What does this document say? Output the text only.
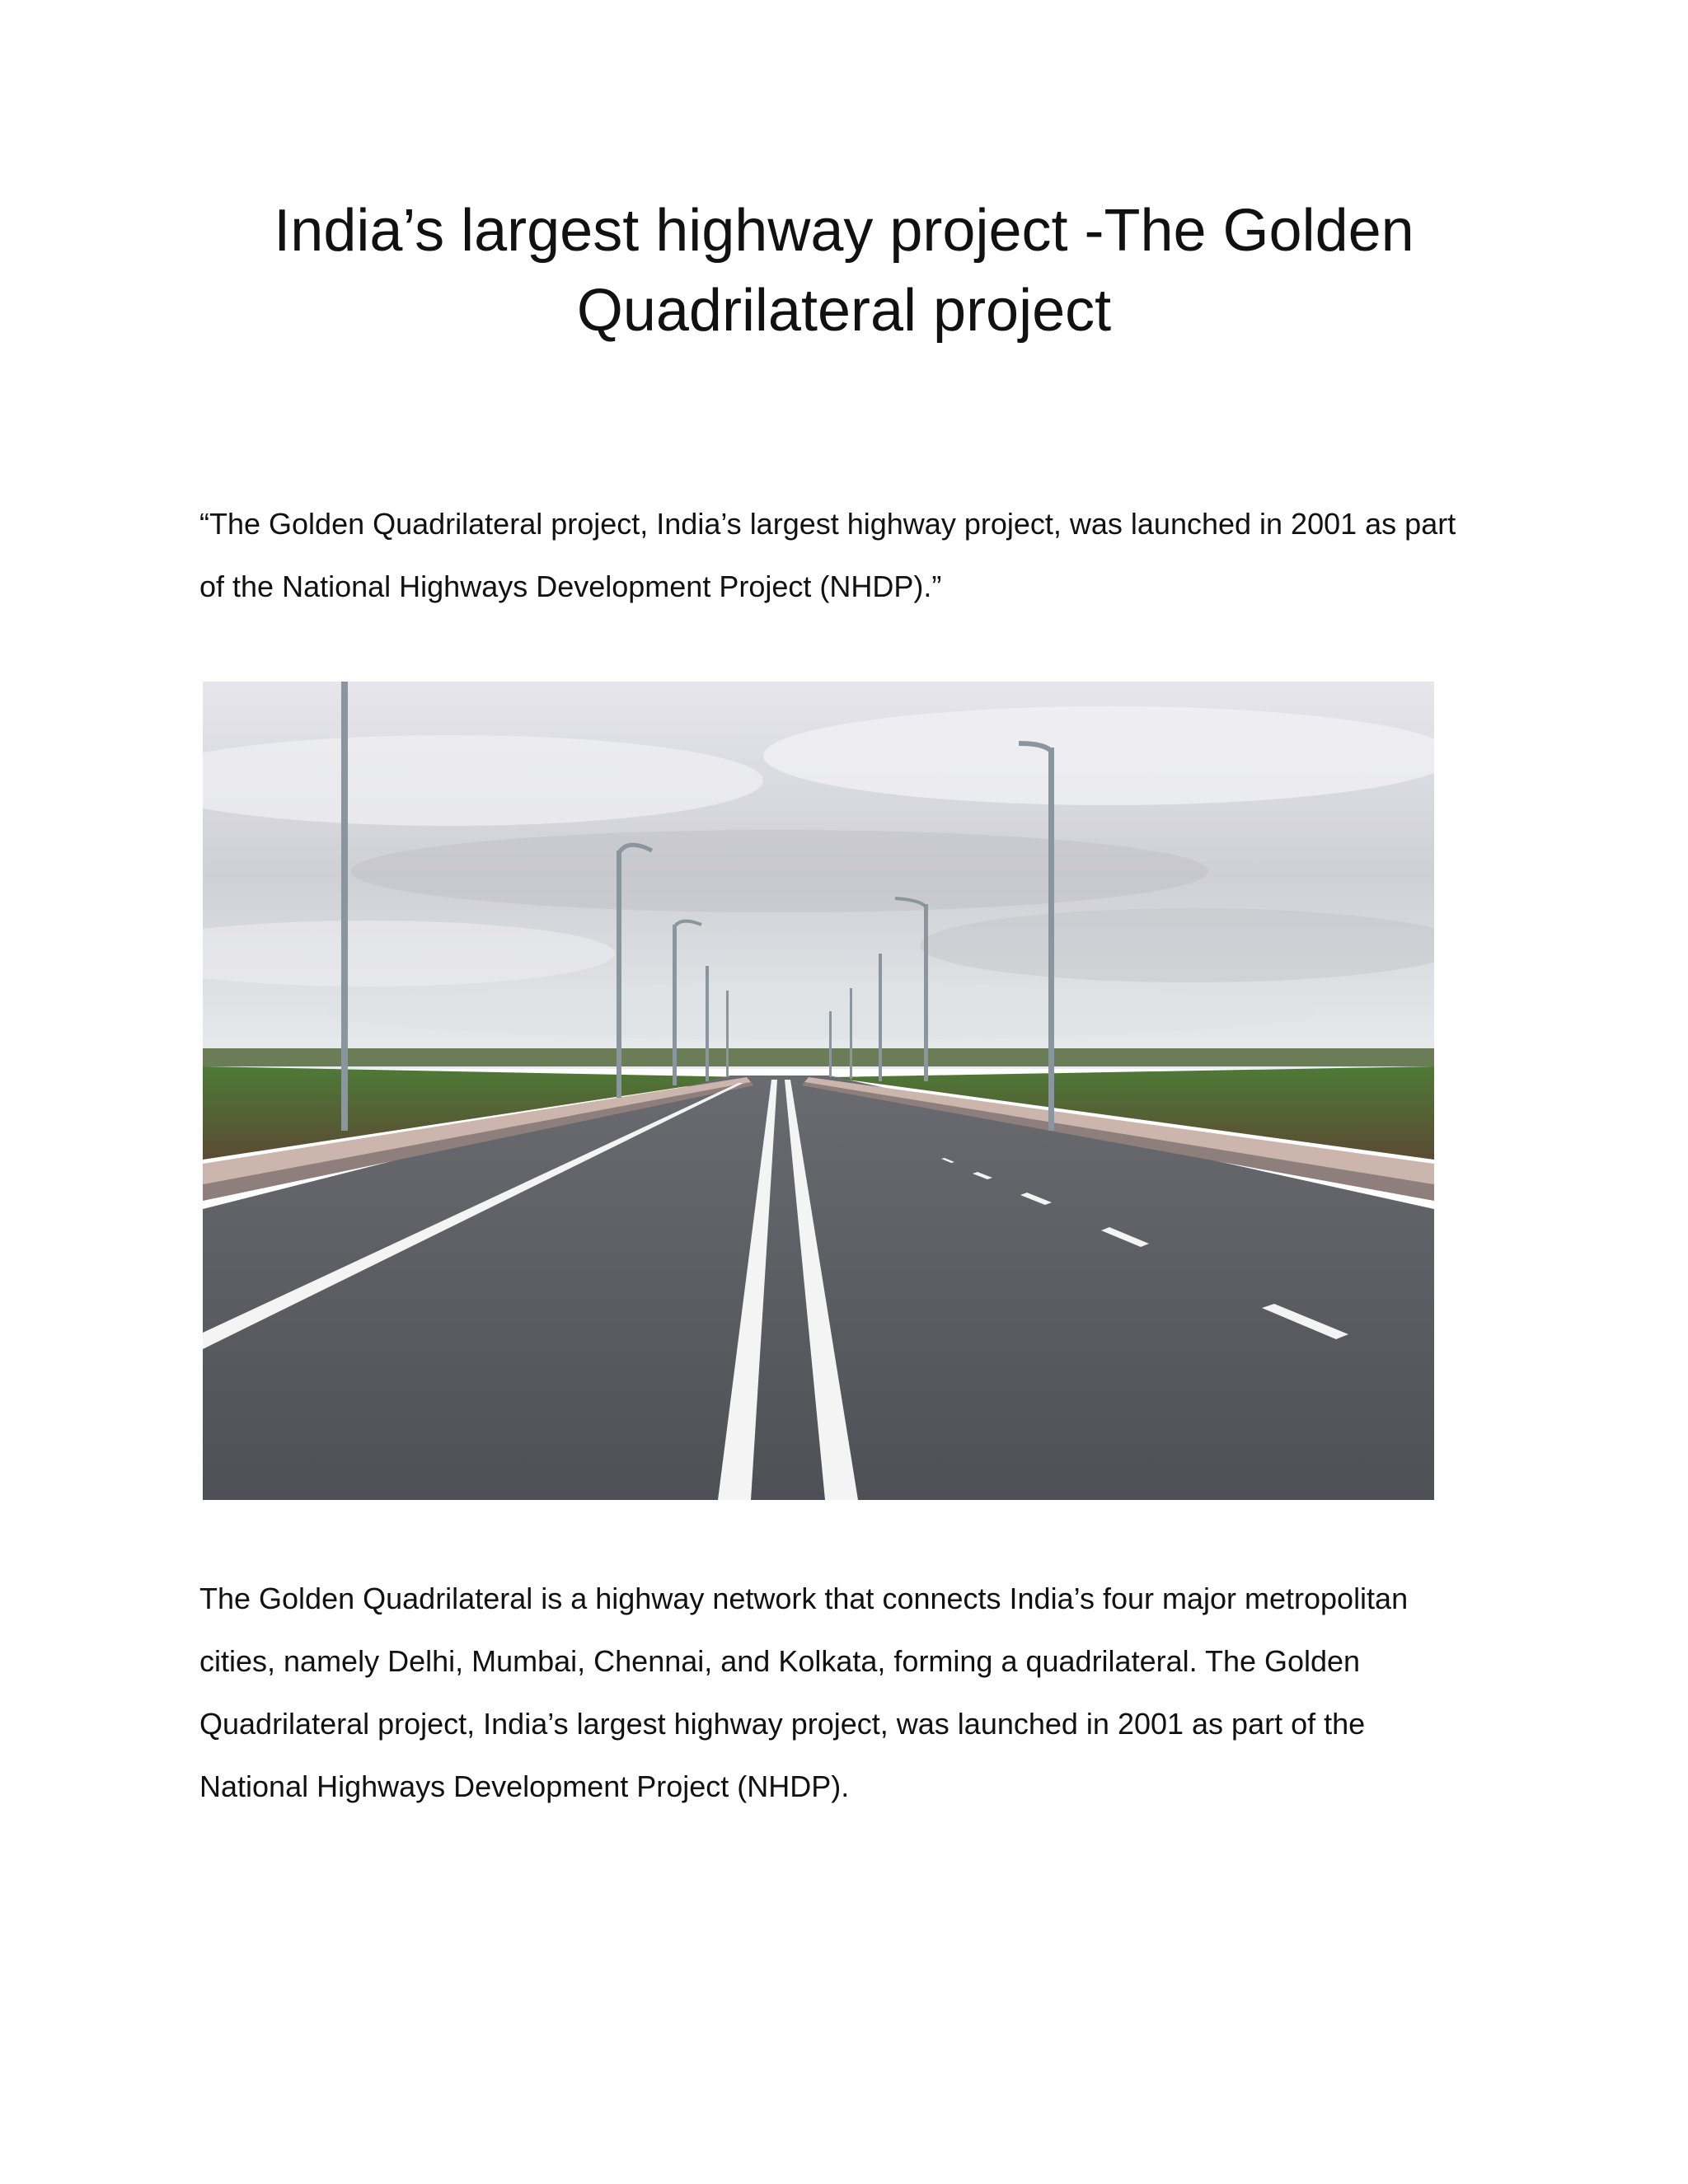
India’s largest highway project -The Golden Quadrilateral project

“The Golden Quadrilateral project, India’s largest highway project, was launched in 2001 as part of the National Highways Development Project (NHDP).”

The Golden Quadrilateral is a highway network that connects India’s four major metropolitan cities, namely Delhi, Mumbai, Chennai, and Kolkata, forming a quadrilateral. The Golden Quadrilateral project, India’s largest highway project, was launched in 2001 as part of the National Highways Development Project (NHDP).
